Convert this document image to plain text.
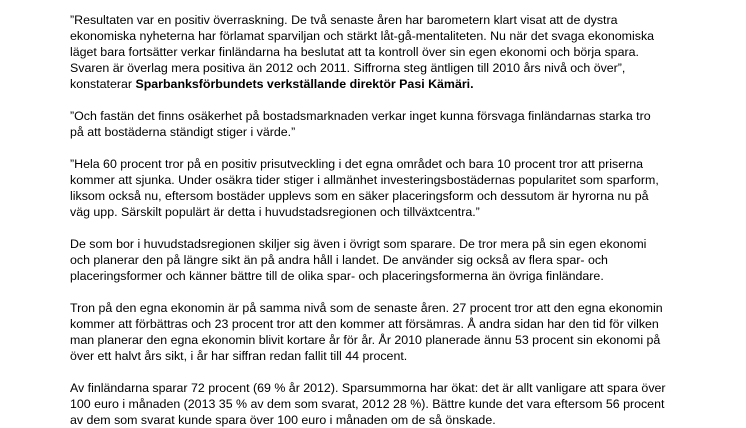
”Resultaten var en positiv överraskning. De två senaste åren har barometern klart visat att de dystra
ekonomiska nyheterna har förlamat sparviljan och stärkt låt-gå-mentaliteten. Nu när det svaga ekonomiska
läget bara fortsätter verkar finländarna ha beslutat att ta kontroll över sin egen ekonomi och börja spara.
Svaren är överlag mera positiva än 2012 och 2011. Siffrorna steg äntligen till 2010 års nivå och över”,
konstaterar Sparbanksförbundets verkställande direktör Pasi Kämäri.

”Och fastän det finns osäkerhet på bostadsmarknaden verkar inget kunna försvaga finländarnas starka tro
på att bostäderna ständigt stiger i värde.”

”Hela 60 procent tror på en positiv prisutveckling i det egna området och bara 10 procent tror att priserna
kommer att sjunka. Under osäkra tider stiger i allmänhet investeringsbostädernas popularitet som sparform,
liksom också nu, eftersom bostäder upplevs som en säker placeringsform och dessutom är hyrorna nu på
väg upp. Särskilt populärt är detta i huvudstadsregionen och tillväxtcentra.”

De som bor i huvudstadsregionen skiljer sig även i övrigt som sparare. De tror mera på sin egen ekonomi
och planerar den på längre sikt än på andra håll i landet. De använder sig också av flera spar- och
placeringsformer och känner bättre till de olika spar- och placeringsformerna än övriga finländare.

Tron på den egna ekonomin är på samma nivå som de senaste åren. 27 procent tror att den egna ekonomin
kommer att förbättras och 23 procent tror att den kommer att försämras. Å andra sidan har den tid för vilken
man planerar den egna ekonomin blivit kortare år för år. År 2010 planerade ännu 53 procent sin ekonomi på
över ett halvt års sikt, i år har siffran redan fallit till 44 procent.

Av finländarna sparar 72 procent (69 % år 2012). Sparsummorna har ökat: det är allt vanligare att spara över
100 euro i månaden (2013 35 % av dem som svarat, 2012 28 %). Bättre kunde det vara eftersom 56 procent
av dem som svarat kunde spara över 100 euro i månaden om de så önskade.
